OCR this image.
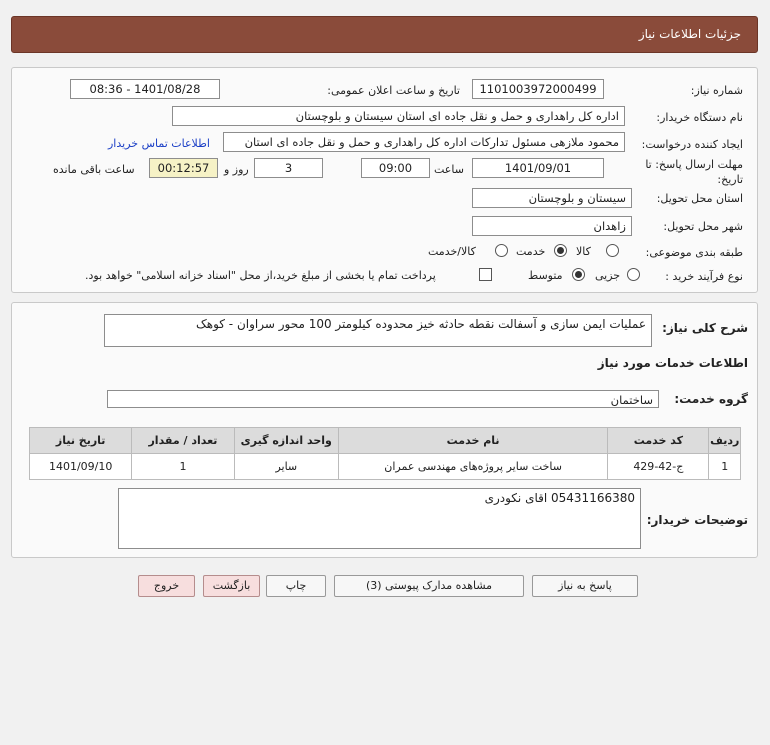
جزئیات اطلاعات نیاز
شماره نیاز:
1101003972000499
تاریخ و ساعت اعلان عمومی:
1401/08/28 - 08:36
نام دستگاه خریدار:
اداره کل راهداری و حمل و نقل جاده ای استان سیستان و بلوچستان
ایجاد کننده درخواست:
محمود ملازهی مسئول تدارکات اداره کل راهداری و حمل و نقل جاده ای استان
اطلاعات تماس خریدار
مهلت ارسال پاسخ: تا تاریخ:
1401/09/01
ساعت
09:00
3
روز و
00:12:57
ساعت باقی مانده
استان محل تحویل:
سیستان و بلوچستان
شهر محل تحویل:
زاهدان
طبقه بندی موضوعی:
کالا
خدمت
کالا/خدمت
نوع فرآیند خرید :
جزیی
متوسط
پرداخت تمام یا بخشی از مبلغ خرید،از محل "اسناد خزانه اسلامی" خواهد بود.
شرح کلی نیاز:
عملیات ایمن سازی و آسفالت نقطه حادثه خیز محدوده کیلومتر 100 محور سراوان - کوهک
اطلاعات خدمات مورد نیاز
گروه خدمت:
ساختمان
ردیف	کد خدمت	نام خدمت	واحد اندازه گیری	تعداد / مقدار	تاریخ نیاز
1	ج-42-429	ساخت سایر پروژه‌های مهندسی عمران	سایر	1	1401/09/10
توضیحات خریدار:
05431166380 اقای نکودری
پاسخ به نیاز
مشاهده مدارک پیوستی (3)
چاپ
بازگشت
خروج
